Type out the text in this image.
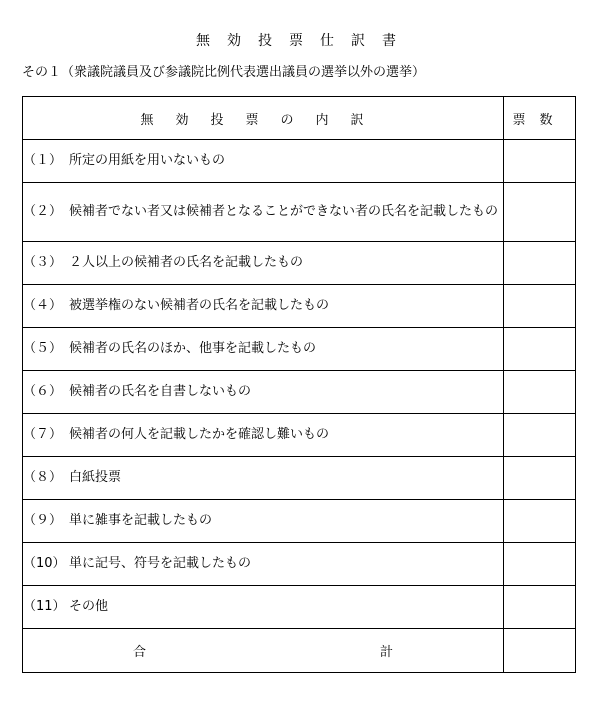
無効投票仕訳書
その１（衆議院議員及び参議院比例代表選出議員の選挙以外の選挙）
無効投票の内訳	票数

（１） 所定の用紙を用いないもの	

（２） 候補者でない者又は候補者となることができない者の氏名を記載したもの	

（３） ２人以上の候補者の氏名を記載したもの	

（４） 被選挙権のない候補者の氏名を記載したもの	

（５） 候補者の氏名のほか、他事を記載したもの	

（６） 候補者の氏名を自書しないもの	

（７） 候補者の何人を記載したかを確認し難いもの	

（８） 白紙投票	

（９） 単に雑事を記載したもの	

（10） 単に記号、符号を記載したもの	

（11） その他	

合 計	
